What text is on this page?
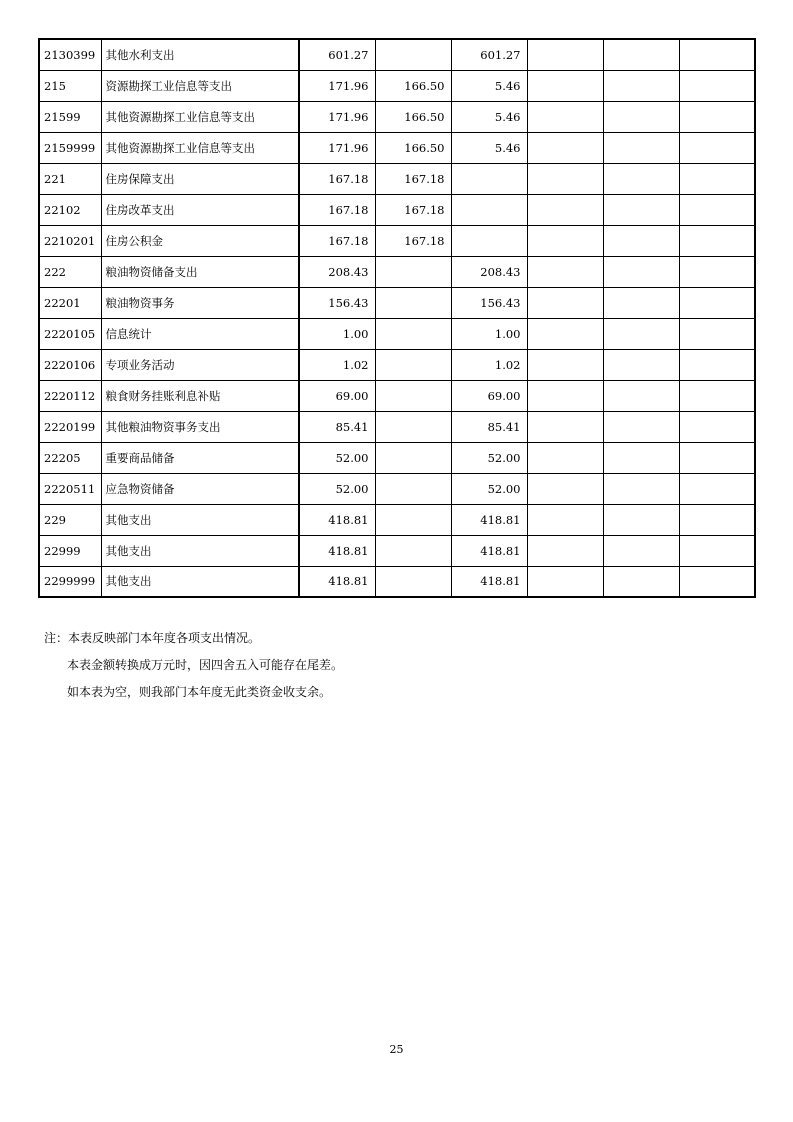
2130399	其他水利支出	601.27		601.27			
215	资源勘探工业信息等支出	171.96	166.50	5.46			
21599	其他资源勘探工业信息等支出	171.96	166.50	5.46			
2159999	其他资源勘探工业信息等支出	171.96	166.50	5.46			
221	住房保障支出	167.18	167.18				
22102	住房改革支出	167.18	167.18				
2210201	住房公积金	167.18	167.18				
222	粮油物资储备支出	208.43		208.43			
22201	粮油物资事务	156.43		156.43			
2220105	信息统计	1.00		1.00			
2220106	专项业务活动	1.02		1.02			
2220112	粮食财务挂账利息补贴	69.00		69.00			
2220199	其他粮油物资事务支出	85.41		85.41			
22205	重要商品储备	52.00		52.00			
2220511	应急物资储备	52.00		52.00			
229	其他支出	418.81		418.81			
22999	其他支出	418.81		418.81			
2299999	其他支出	418.81		418.81			

注：本表反映部门本年度各项支出情况。

本表金额转换成万元时，因四舍五入可能存在尾差。

如本表为空，则我部门本年度无此类资金收支余。

25
